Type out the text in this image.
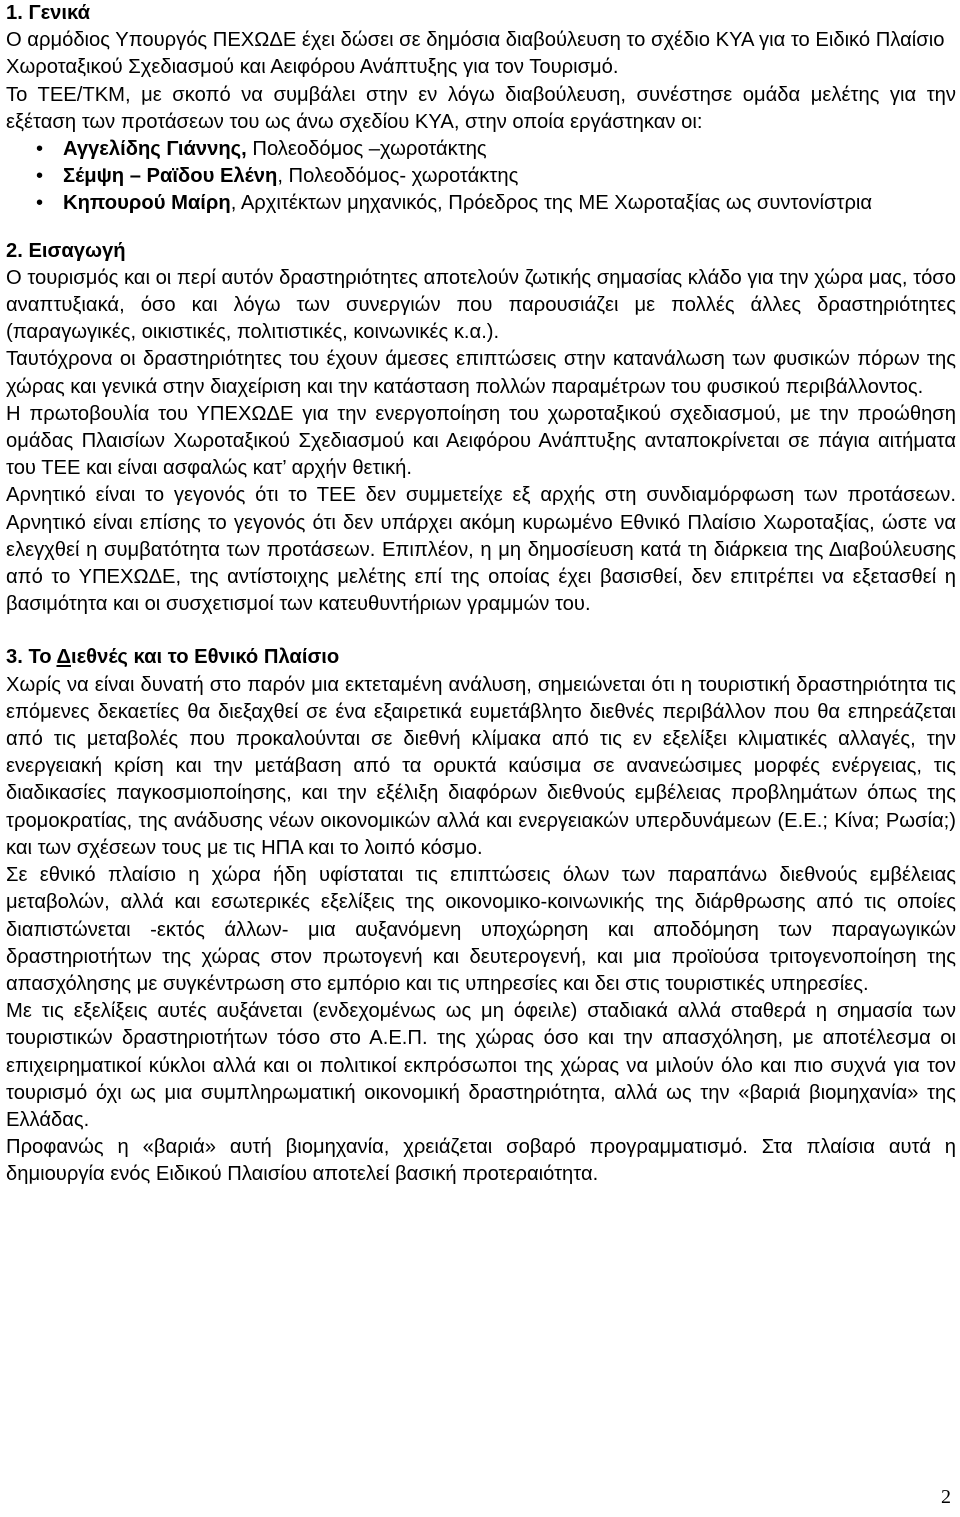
1. Γενικά

Ο αρμόδιος Υπουργός ΠΕΧΩΔΕ έχει δώσει σε δημόσια διαβούλευση το σχέδιο ΚΥΑ για το Ειδικό Πλαίσιο Χωροταξικού Σχεδιασμού και Αειφόρου Ανάπτυξης για τον Τουρισμό.

Το ΤΕΕ/ΤΚΜ, με σκοπό να συμβάλει στην εν λόγω διαβούλευση, συνέστησε ομάδα μελέτης για την εξέταση των προτάσεων του ως άνω σχεδίου ΚΥΑ, στην οποία εργάστηκαν οι:

• Αγγελίδης Γιάννης, Πολεοδόμος –χωροτάκτης
• Σέμψη – Ραϊδου Ελένη, Πολεοδόμος- χωροτάκτης
• Κηπουρού Μαίρη, Αρχιτέκτων μηχανικός, Πρόεδρος της ΜΕ Χωροταξίας ως συντονίστρια
2. Εισαγωγή

Ο τουρισμός και οι περί αυτόν δραστηριότητες αποτελούν ζωτικής σημασίας κλάδο για την χώρα μας, τόσο αναπτυξιακά, όσο και λόγω των συνεργιών που παρουσιάζει με πολλές άλλες δραστηριότητες (παραγωγικές, οικιστικές, πολιτιστικές, κοινωνικές κ.α.).

Ταυτόχρονα οι δραστηριότητες του έχουν άμεσες επιπτώσεις στην κατανάλωση των φυσικών πόρων της χώρας και γενικά στην διαχείριση και την κατάσταση πολλών παραμέτρων του φυσικού περιβάλλοντος.

Η πρωτοβουλία του ΥΠΕΧΩΔΕ για την ενεργοποίηση του χωροταξικού σχεδιασμού, με την προώθηση ομάδας Πλαισίων Χωροταξικού Σχεδιασμού και Αειφόρου Ανάπτυξης ανταποκρίνεται σε πάγια αιτήματα του ΤΕΕ και είναι ασφαλώς κατ’ αρχήν θετική.

Αρνητικό είναι το γεγονός ότι το ΤΕΕ δεν συμμετείχε εξ αρχής στη συνδιαμόρφωση των προτάσεων. Αρνητικό είναι επίσης το γεγονός ότι δεν υπάρχει ακόμη κυρωμένο Εθνικό Πλαίσιο Χωροταξίας, ώστε να ελεγχθεί η συμβατότητα των προτάσεων. Επιπλέον, η μη δημοσίευση κατά τη διάρκεια της Διαβούλευσης από το ΥΠΕΧΩΔΕ, της αντίστοιχης μελέτης επί της οποίας έχει βασισθεί, δεν επιτρέπει να εξετασθεί η βασιμότητα και οι συσχετισμοί των κατευθυντήριων γραμμών του.

3. Το Διεθνές και το Εθνικό Πλαίσιο

Χωρίς να είναι δυνατή στο παρόν μια εκτεταμένη ανάλυση, σημειώνεται ότι η τουριστική δραστηριότητα τις επόμενες δεκαετίες θα διεξαχθεί σε ένα εξαιρετικά ευμετάβλητο διεθνές περιβάλλον που θα επηρεάζεται από τις μεταβολές που προκαλούνται σε διεθνή κλίμακα από τις εν εξελίξει κλιματικές αλλαγές, την ενεργειακή κρίση και την μετάβαση από τα ορυκτά καύσιμα σε ανανεώσιμες μορφές ενέργειας, τις διαδικασίες παγκοσμιοποίησης, και την εξέλιξη διαφόρων διεθνούς εμβέλειας προβλημάτων όπως της τρομοκρατίας, της ανάδυσης νέων οικονομικών αλλά και ενεργειακών υπερδυνάμεων (Ε.Ε.; Κίνα; Ρωσία;) και των σχέσεων τους με τις ΗΠΑ και το λοιπό κόσμο.

Σε εθνικό πλαίσιο η χώρα ήδη υφίσταται τις επιπτώσεις όλων των παραπάνω διεθνούς εμβέλειας μεταβολών, αλλά και εσωτερικές εξελίξεις της οικονομικο-κοινωνικής της διάρθρωσης από τις οποίες διαπιστώνεται -εκτός άλλων- μια αυξανόμενη υποχώρηση και αποδόμηση των παραγωγικών δραστηριοτήτων της χώρας στον πρωτογενή και δευτερογενή, και μια προϊούσα τριτογενοποίηση της απασχόλησης με συγκέντρωση στο εμπόριο και τις υπηρεσίες και δει στις τουριστικές υπηρεσίες.

Με τις εξελίξεις αυτές αυξάνεται (ενδεχομένως ως μη όφειλε) σταδιακά αλλά σταθερά η σημασία των τουριστικών δραστηριοτήτων τόσο στο Α.Ε.Π. της χώρας όσο και την απασχόληση, με αποτέλεσμα οι επιχειρηματικοί κύκλοι αλλά και οι πολιτικοί εκπρόσωποι της χώρας να μιλούν όλο και πιο συχνά για τον τουρισμό όχι ως μια συμπληρωματική οικονομική δραστηριότητα, αλλά ως την «βαριά βιομηχανία» της Ελλάδας.

Προφανώς η «βαριά» αυτή βιομηχανία, χρειάζεται σοβαρό προγραμματισμό. Στα πλαίσια αυτά η δημιουργία ενός Ειδικού Πλαισίου αποτελεί βασική προτεραιότητα.

2
